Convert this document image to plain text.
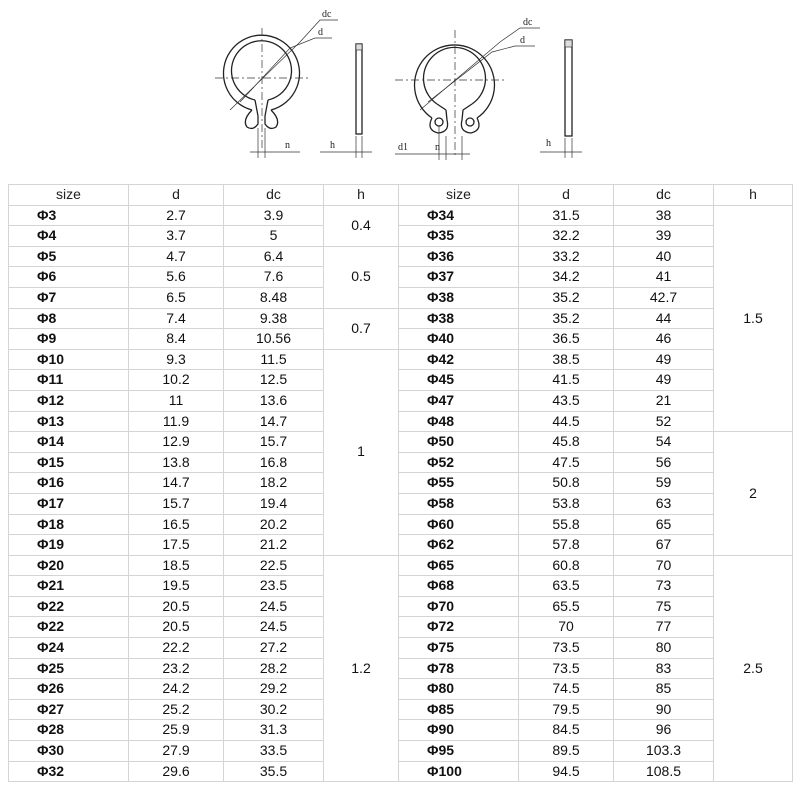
dc
d
n	h
dc
d
d1	n	h
size	d	dc	h	size	d	dc	h
Φ3	2.7	3.9	0.4	Φ34	31.5	38	1.5
Φ4	3.7	5		Φ35	32.2	39	
Φ5	4.7	6.4	0.5	Φ36	33.2	40	
Φ6	5.6	7.6		Φ37	34.2	41	
Φ7	6.5	8.48		Φ38	35.2	42.7	
Φ8	7.4	9.38	0.7	Φ38	35.2	44	
Φ9	8.4	10.56		Φ40	36.5	46	
Φ10	9.3	11.5	1	Φ42	38.5	49	
Φ11	10.2	12.5		Φ45	41.5	49	
Φ12	11	13.6		Φ47	43.5	21	
Φ13	11.9	14.7		Φ48	44.5	52	
Φ14	12.9	15.7		Φ50	45.8	54	2
Φ15	13.8	16.8		Φ52	47.5	56	
Φ16	14.7	18.2		Φ55	50.8	59	
Φ17	15.7	19.4		Φ58	53.8	63	
Φ18	16.5	20.2		Φ60	55.8	65	
Φ19	17.5	21.2		Φ62	57.8	67	
Φ20	18.5	22.5	1.2	Φ65	60.8	70	2.5
Φ21	19.5	23.5		Φ68	63.5	73	
Φ22	20.5	24.5		Φ70	65.5	75	
Φ22	20.5	24.5		Φ72	70	77	
Φ24	22.2	27.2		Φ75	73.5	80	
Φ25	23.2	28.2		Φ78	73.5	83	
Φ26	24.2	29.2		Φ80	74.5	85	
Φ27	25.2	30.2		Φ85	79.5	90	
Φ28	25.9	31.3		Φ90	84.5	96	
Φ30	27.9	33.5		Φ95	89.5	103.3	
Φ32	29.6	35.5		Φ100	94.5	108.5	
